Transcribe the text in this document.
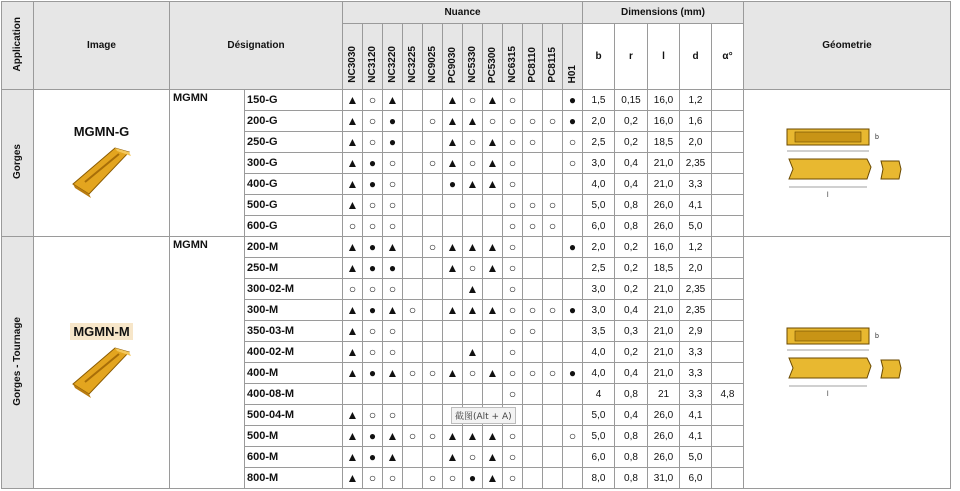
Application	Image	Désignation		Nuance												Dimensions (mm)					Géometrie
				NC3030	NC3120	NC3220	NC3225	NC9025	PC9030	NC5330	PC5300	NC6315	PC8110	PC8115	H01	b	r	l	d	α°	
Gorges	MGMN-G	MGMN	150-G	▲	○	▲			▲	○	▲	○			●	1,5	0,15	16,0	1,2		l
b

			200-G	▲	○	●		○	▲	▲	○	○	○	○	●	2,0	0,2	16,0	1,6		
			250-G	▲	○	●			▲	○	▲	○	○		○	2,5	0,2	18,5	2,0		
			300-G	▲	●	○		○	▲	○	▲	○			○	3,0	0,4	21,0	2,35		
			400-G	▲	●	○			●	▲	▲	○				4,0	0,4	21,0	3,3		
			500-G	▲	○	○						○	○	○		5,0	0,8	26,0	4,1		
			600-G	○	○	○						○	○	○		6,0	0,8	26,0	5,0		
Gorges - Tournage	MGMN-M	MGMN	200-M	▲	●	▲		○	▲	▲	▲	○			●	2,0	0,2	16,0	1,2		l
b

			250-M	▲	●	●			▲	○	▲	○				2,5	0,2	18,5	2,0		
			300-02-M	○	○	○				▲		○				3,0	0,2	21,0	2,35		
			300-M	▲	●	▲	○		▲	▲	▲	○	○	○	●	3,0	0,4	21,0	2,35		
			350-03-M	▲	○	○						○	○			3,5	0,3	21,0	2,9		
			400-02-M	▲	○	○				▲		○				4,0	0,2	21,0	3,3		
			400-M	▲	●	▲	○	○	▲	○	▲	○	○	○	●	4,0	0,4	21,0	3,3		
			400-08-M									○				4	0,8	21	3,3	4,8	
			500-04-M	▲	○	○										5,0	0,4	26,0	4,1		
			500-M	▲	●	▲	○	○	▲	▲	▲	○			○	5,0	0,8	26,0	4,1		
			600-M	▲	●	▲			▲	○	▲	○				6,0	0,8	26,0	5,0		
			800-M	▲	○	○		○	○	●	▲	○				8,0	0,8	31,0	6,0		
截图(Alt + A)
